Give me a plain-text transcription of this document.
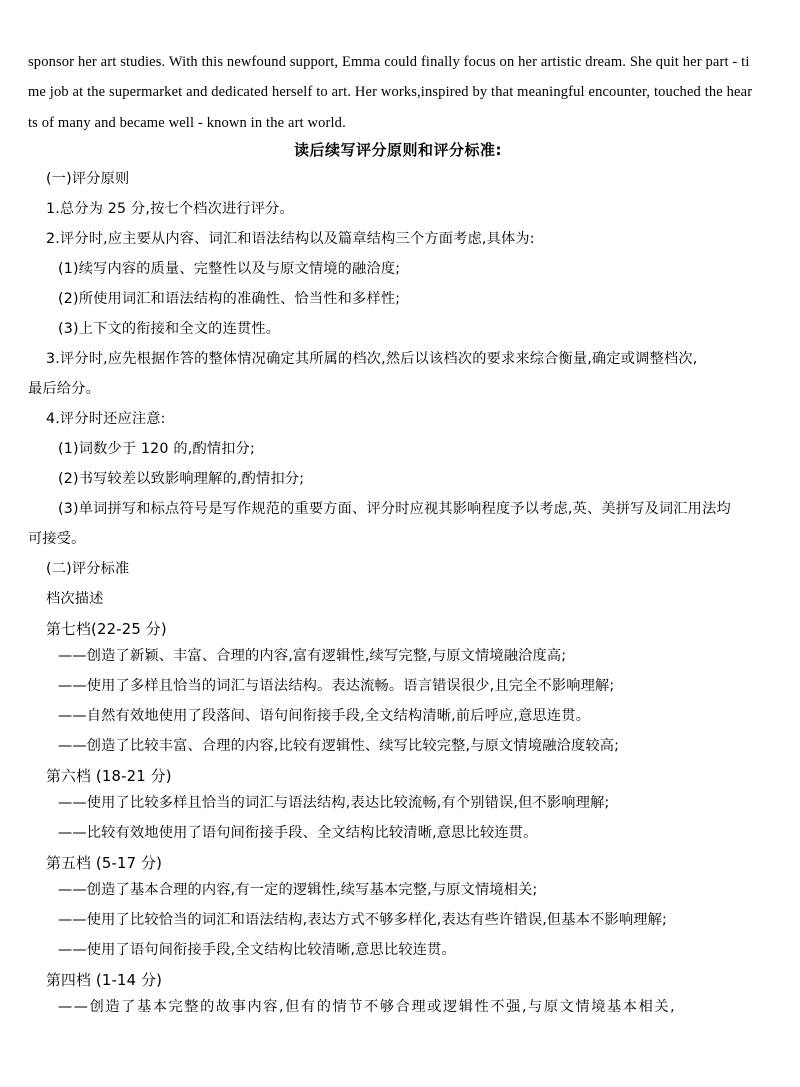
sponsor her art studies. With this newfound support, Emma could finally focus on her artistic dream. She quit her part - ti

me job at the supermarket and dedicated herself to art. Her works,inspired by that meaningful encounter, touched the hear

ts of many and became well - known in the art world.

读后续写评分原则和评分标准:
(一)评分原则
1.总分为 25 分,按七个档次进行评分。
2.评分时,应主要从内容、词汇和语法结构以及篇章结构三个方面考虑,具体为:
(1)续写内容的质量、完整性以及与原文情境的融洽度;
(2)所使用词汇和语法结构的准确性、恰当性和多样性;
(3)上下文的衔接和全文的连贯性。
3.评分时,应先根据作答的整体情况确定其所属的档次,然后以该档次的要求来综合衡量,确定或调整档次,
最后给分。
4.评分时还应注意:
(1)词数少于 120 的,酌情扣分;
(2)书写较差以致影响理解的,酌情扣分;
(3)单词拼写和标点符号是写作规范的重要方面、评分时应视其影响程度予以考虑,英、美拼写及词汇用法均
可接受。
(二)评分标准
档次描述
第七档(22-25 分)
——创造了新颖、丰富、合理的内容,富有逻辑性,续写完整,与原文情境融洽度高;
——使用了多样且恰当的词汇与语法结构。表达流畅。语言错误很少,且完全不影响理解;
——自然有效地使用了段落间、语句间衔接手段,全文结构清晰,前后呼应,意思连贯。
——创造了比较丰富、合理的内容,比较有逻辑性、续写比较完整,与原文情境融洽度较高;
第六档 (18-21 分)
——使用了比较多样且恰当的词汇与语法结构,表达比较流畅,有个别错误,但不影响理解;
——比较有效地使用了语句间衔接手段、全文结构比较清晰,意思比较连贯。
第五档 (5-17 分)
——创造了基本合理的内容,有一定的逻辑性,续写基本完整,与原文情境相关;
——使用了比较恰当的词汇和语法结构,表达方式不够多样化,表达有些许错误,但基本不影响理解;
——使用了语句间衔接手段,全文结构比较清晰,意思比较连贯。
第四档 (1-14 分)
——创造了基本完整的故事内容,但有的情节不够合理或逻辑性不强,与原文情境基本相关,
